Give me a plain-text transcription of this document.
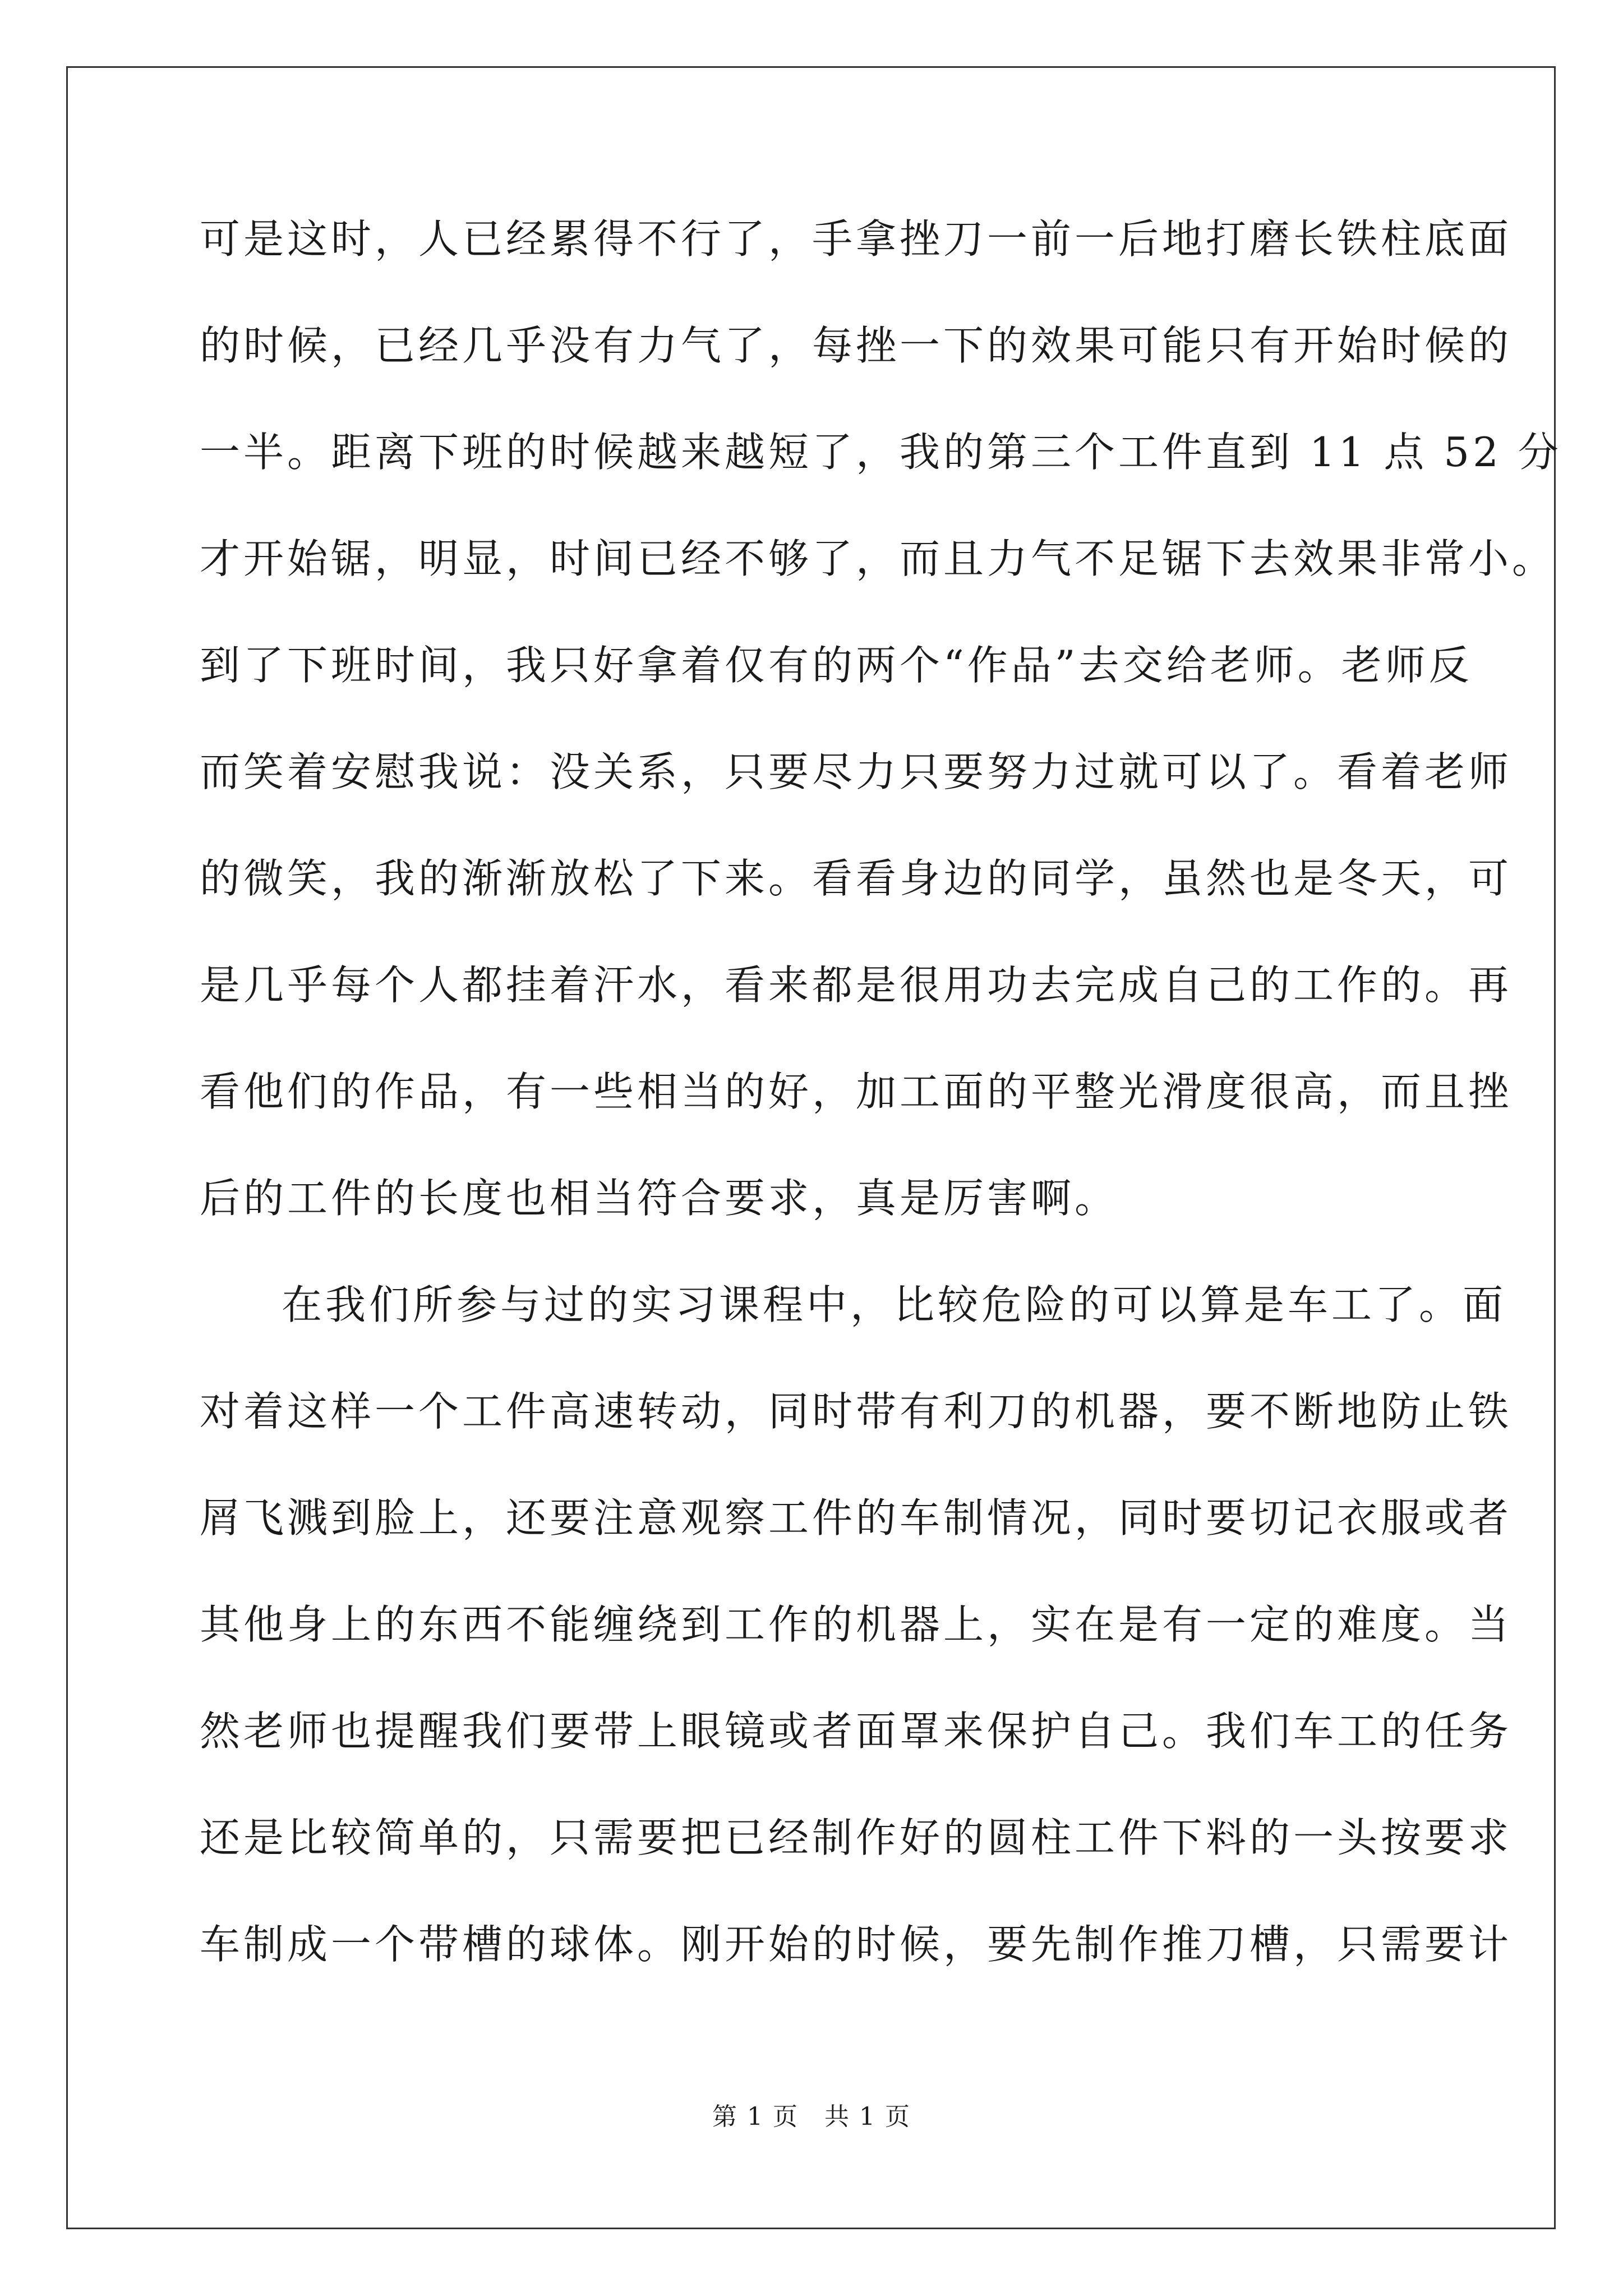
可是这时，人已经累得不行了，手拿挫刀一前一后地打磨长铁柱底面
的时候，已经几乎没有力气了，每挫一下的效果可能只有开始时候的
一半。距离下班的时候越来越短了，我的第三个工件直到 11 点 52 分
才开始锯，明显，时间已经不够了，而且力气不足锯下去效果非常小。
到了下班时间，我只好拿着仅有的两个“作品”去交给老师。老师反
而笑着安慰我说：没关系，只要尽力只要努力过就可以了。看着老师
的微笑，我的渐渐放松了下来。看看身边的同学，虽然也是冬天，可
是几乎每个人都挂着汗水，看来都是很用功去完成自己的工作的。再
看他们的作品，有一些相当的好，加工面的平整光滑度很高，而且挫
后的工件的长度也相当符合要求，真是厉害啊。
在我们所参与过的实习课程中，比较危险的可以算是车工了。面
对着这样一个工件高速转动，同时带有利刀的机器，要不断地防止铁
屑飞溅到脸上，还要注意观察工件的车制情况，同时要切记衣服或者
其他身上的东西不能缠绕到工作的机器上，实在是有一定的难度。当
然老师也提醒我们要带上眼镜或者面罩来保护自己。我们车工的任务
还是比较简单的，只需要把已经制作好的圆柱工件下料的一头按要求
车制成一个带槽的球体。刚开始的时候，要先制作推刀槽，只需要计
第 1 页　共 1 页
